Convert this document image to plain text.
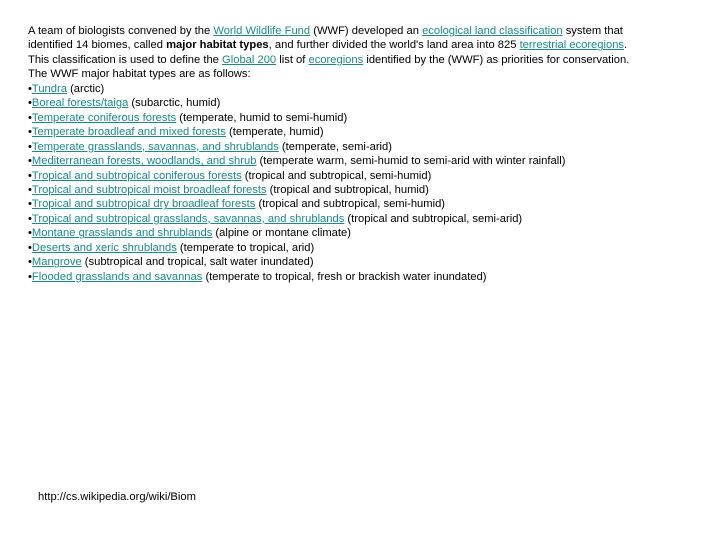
A team of biologists convened by the World Wildlife Fund (WWF) developed an ecological land classification system that
identified 14 biomes, called major habitat types, and further divided the world's land area into 825 terrestrial ecoregions.
This classification is used to define the Global 200 list of ecoregions identified by the (WWF) as priorities for conservation.
The WWF major habitat types are as follows:
•Tundra (arctic)
•Boreal forests/taiga (subarctic, humid)
•Temperate coniferous forests (temperate, humid to semi-humid)
•Temperate broadleaf and mixed forests (temperate, humid)
•Temperate grasslands, savannas, and shrublands (temperate, semi-arid)
•Mediterranean forests, woodlands, and shrub (temperate warm, semi-humid to semi-arid with winter rainfall)
•Tropical and subtropical coniferous forests (tropical and subtropical, semi-humid)
•Tropical and subtropical moist broadleaf forests (tropical and subtropical, humid)
•Tropical and subtropical dry broadleaf forests (tropical and subtropical, semi-humid)
•Tropical and subtropical grasslands, savannas, and shrublands (tropical and subtropical, semi-arid)
•Montane grasslands and shrublands (alpine or montane climate)
•Deserts and xeric shrublands (temperate to tropical, arid)
•Mangrove (subtropical and tropical, salt water inundated)
•Flooded grasslands and savannas (temperate to tropical, fresh or brackish water inundated)
http://cs.wikipedia.org/wiki/Biom
